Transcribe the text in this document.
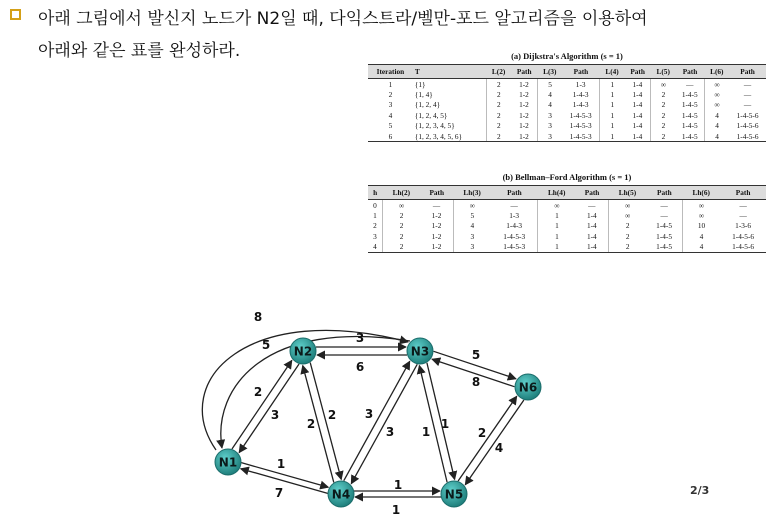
아래 그림에서 발신지 노드가 N2일 때, 다익스트라/벨만-포드 알고리즘을 이용하여
아래와 같은 표를 완성하라.	(a) Dijkstra's Algorithm (s = 1)
Iteration	T	L(2)	Path	L(3)	Path	L(4)	Path	L(5)	Path	L(6)	Path
1	{1}	2	1-2	5	1-3	1	1-4	∞	—	∞	—
2	{1, 4}	2	1-2	4	1-4-3	1	1-4	2	1-4-5	∞	—
3	{1, 2, 4}	2	1-2	4	1-4-3	1	1-4	2	1-4-5	∞	—
4	{1, 2, 4, 5}	2	1-2	3	1-4-5-3	1	1-4	2	1-4-5	4	1-4-5-6
5	{1, 2, 3, 4, 5}	2	1-2	3	1-4-5-3	1	1-4	2	1-4-5	4	1-4-5-6
6	{1, 2, 3, 4, 5, 6}	2	1-2	3	1-4-5-3	1	1-4	2	1-4-5	4	1-4-5-6
(b) Bellman–Ford Algorithm (s = 1)
h	Lh(2)	Path	Lh(3)	Path	Lh(4)	Path	Lh(5)	Path	Lh(6)	Path
0	∞	—	∞	—	∞	—	∞	—	∞	—
1	2	1-2	5	1-3	1	1-4	∞	—	∞	—
2	2	1-2	4	1-4-3	1	1-4	2	1-4-5	10	1-3-6
3	2	1-2	3	1-4-5-3	1	1-4	2	1-4-5	4	1-4-5-6
4	2	1-2	3	1-4-5-3	1	1-4	2	1-4-5	4	1-4-5-6
8
5	3
6
2
3	2
2
3
3
1
1
5
8
2
4
1
7
1
1
N1
N2	N3
N4	N5
N6
2/3
